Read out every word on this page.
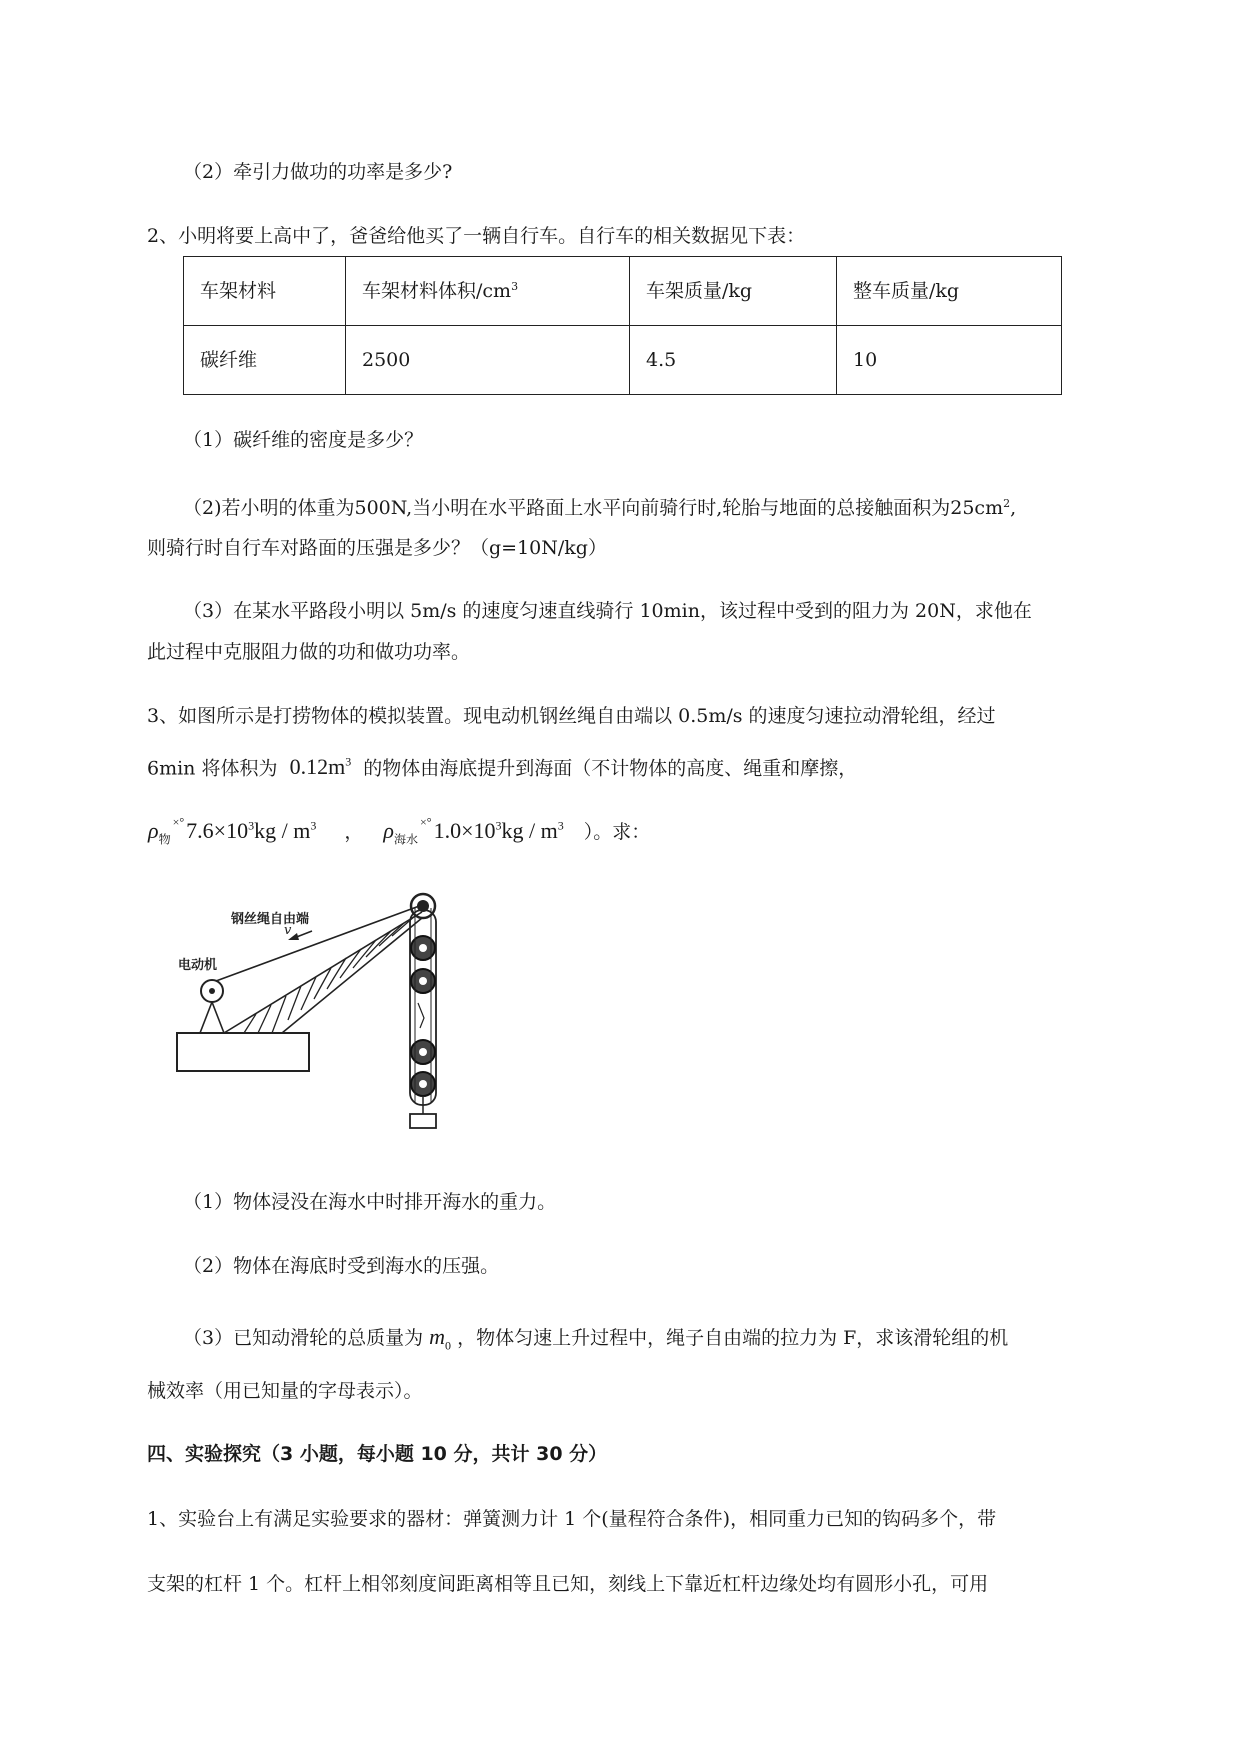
（2）牵引力做功的功率是多少?
2、小明将要上高中了，爸爸给他买了一辆自行车。自行车的相关数据见下表：
车架材料	车架材料体积$/cm^3$	车架质量/kg	整车质量/kg
碳纤维	2500	4.5	10
（1）碳纤维的密度是多少？
（2)若小明的体重为500N,当小明在水平路面上水平向前骑行时,轮胎与地面的总接触面积为$25cm^2$,
则骑行时自行车对路面的压强是多少？（g=10N/kg）
（3）在某水平路段小明以 5m/s 的速度匀速直线骑行 10min，该过程中受到的阻力为 20N，求他在
此过程中克服阻力做的功和做功功率。
3、如图所示是打捞物体的模拟装置。现电动机钢丝绳自由端以 0.5m/s 的速度匀速拉动滑轮组，经过
6min 将体积为 $0.12m^3$ 的物体由海底提升到海面（不计物体的高度、绳重和摩擦，
$\rho_物^{\times^\circ}7.6\times 10^3kg / m^3$ ， $\rho_{海水}^{\times^\circ}1.0\times 10^3kg / m^3$ ）。求：
v
钢丝绳自由端
电动机
（1）物体浸没在海水中时排开海水的重力。
（2）物体在海底时受到海水的压强。
（3）已知动滑轮的总质量为 $m_0$ ，物体匀速上升过程中，绳子自由端的拉力为 F，求该滑轮组的机
械效率（用已知量的字母表示）。
四、实验探究（3 小题，每小题 10 分，共计 30 分）
1、实验台上有满足实验要求的器材：弹簧测力计 1 个(量程符合条件)，相同重力已知的钩码多个，带
支架的杠杆 1 个。杠杆上相邻刻度间距离相等且已知，刻线上下靠近杠杆边缘处均有圆形小孔，可用
